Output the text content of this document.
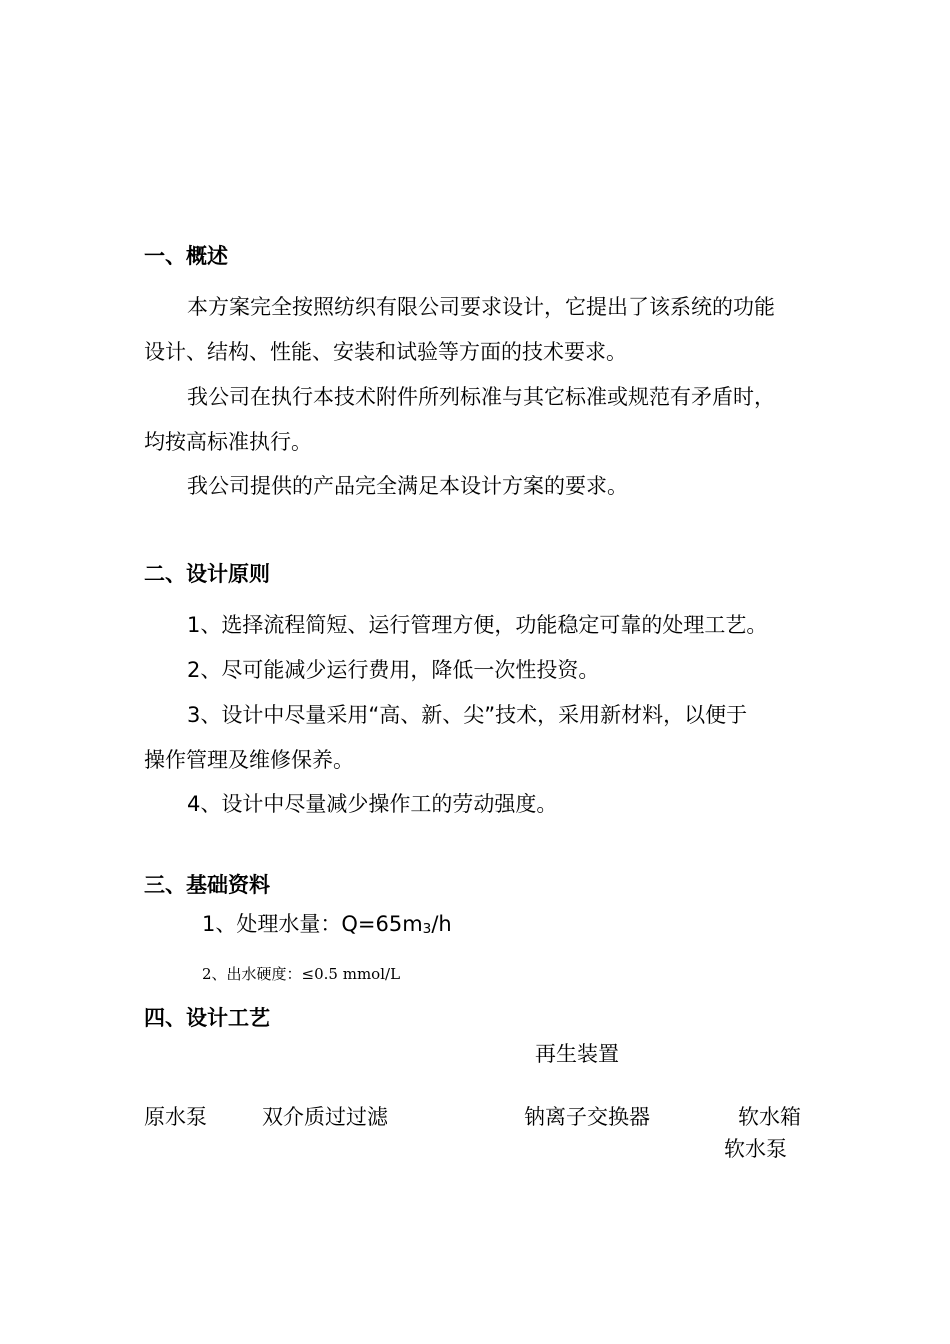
一、概述

本方案完全按照纺织有限公司要求设计，它提出了该系统的功能

设计、结构、性能、安装和试验等方面的技术要求。

我公司在执行本技术附件所列标准与其它标准或规范有矛盾时，

均按高标准执行。

我公司提供的产品完全满足本设计方案的要求。

二、设计原则

1、选择流程简短、运行管理方便，功能稳定可靠的处理工艺。

2、尽可能减少运行费用，降低一次性投资。

3、设计中尽量采用“高、新、尖”技术，采用新材料，以便于

操作管理及维修保养。

4、设计中尽量减少操作工的劳动强度。

三、基础资料

1、处理水量：$Q=65m_3/h$

2、出水硬度：≤0.5 mmol/L

四、设计工艺

再生装置

原水泵	双介质过过滤	钠离子交换器	软水箱

软水泵
